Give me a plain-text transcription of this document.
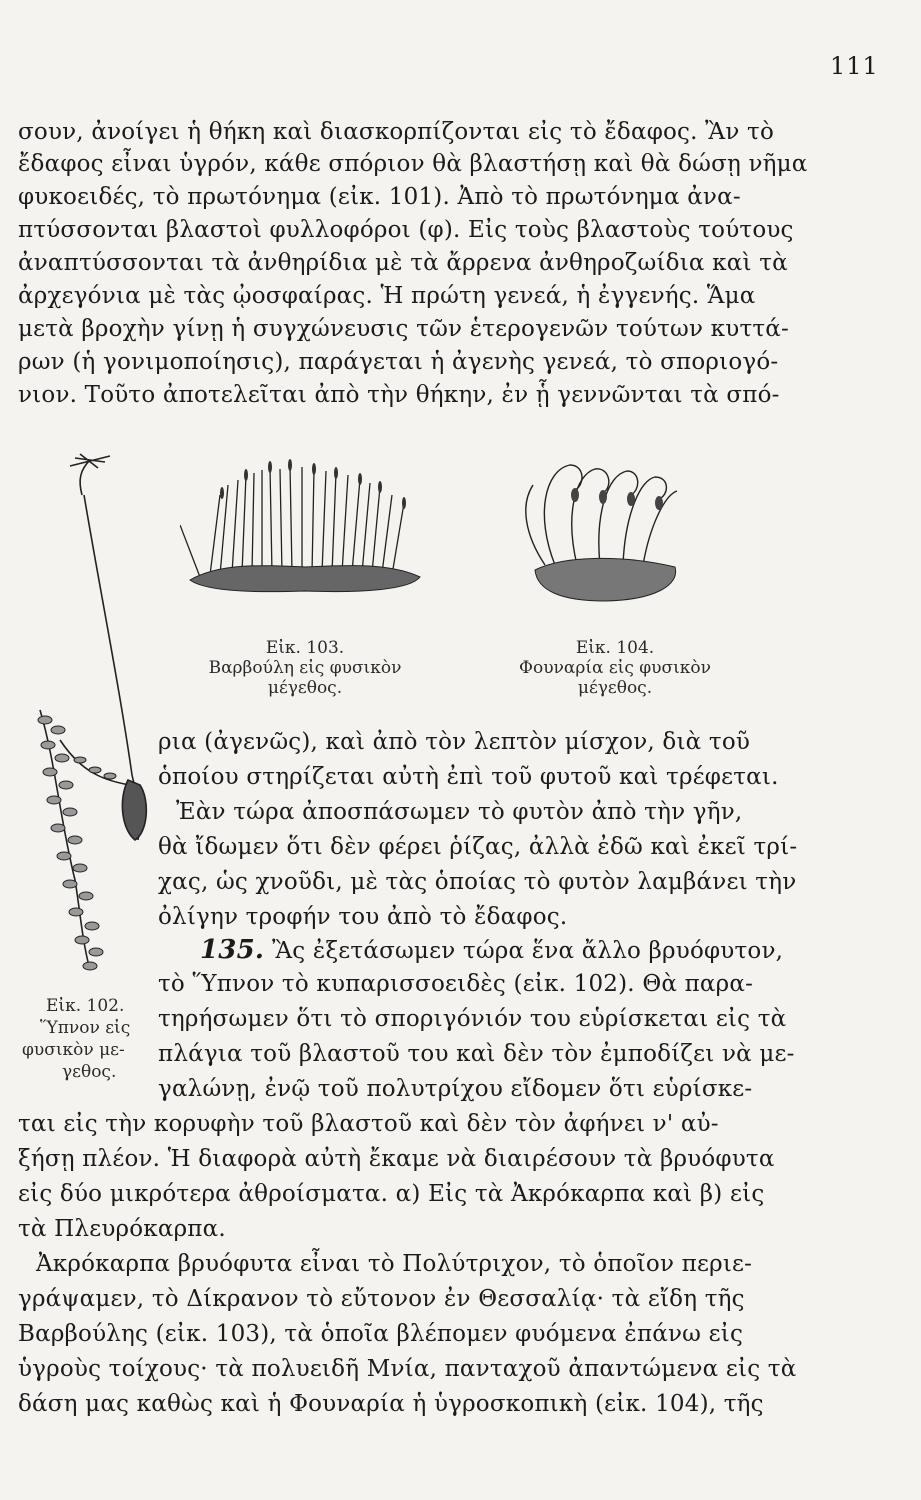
111
σουν, ἀνοίγει ἡ θήκη καὶ διασκορπίζονται εἰς τὸ ἔδαφος. Ἂν τὸ
ἔδαφος εἶναι ὑγρόν, κάθε σπόριον θὰ βλαστήσῃ καὶ θὰ δώσῃ νῆμα
φυκοειδές, τὸ πρωτόνημα (εἰκ. 101). Ἀπὸ τὸ πρωτόνημα ἀνα-
πτύσσονται βλαστοὶ φυλλοφόροι (φ). Εἰς τοὺς βλαστοὺς τούτους
ἀναπτύσσονται τὰ ἀνθηρίδια μὲ τὰ ἄρρενα ἀνθηροζωίδια καὶ τὰ
ἀρχεγόνια μὲ τὰς ᾠοσφαίρας. Ἡ πρώτη γενεά, ἡ ἐγγενής. Ἅμα
μετὰ βροχὴν γίνῃ ἡ συγχώνευσις τῶν ἑτερογενῶν τούτων κυττά-
ρων (ἡ γονιμοποίησις), παράγεται ἡ ἀγενὴς γενεά, τὸ σποριογό-
νιον. Τοῦτο ἀποτελεῖται ἀπὸ τὴν θήκην, ἐν ᾗ γεννῶνται τὰ σπό-
Εἰκ. 103.
Βαρβούλη εἰς φυσικὸν
μέγεθος.
Εἰκ. 104.
Φουναρία εἰς φυσικὸν
μέγεθος.
ρια (ἀγενῶς), καὶ ἀπὸ τὸν λεπτὸν μίσχον, διὰ τοῦ
ὁποίου στηρίζεται αὐτὴ ἐπὶ τοῦ φυτοῦ καὶ τρέφεται.
Ἐὰν τώρα ἀποσπάσωμεν τὸ φυτὸν ἀπὸ τὴν γῆν,
θὰ ἴδωμεν ὅτι δὲν φέρει ῥίζας, ἀλλὰ ἐδῶ καὶ ἐκεῖ τρί-
χας, ὡς χνοῦδι, μὲ τὰς ὁποίας τὸ φυτὸν λαμβάνει τὴν
ὀλίγην τροφήν του ἀπὸ τὸ ἔδαφος.
135. Ἂς ἐξετάσωμεν τώρα ἕνα ἄλλο βρυόφυτον,
τὸ Ὕπνον τὸ κυπαρισσοειδὲς (εἰκ. 102). Θὰ παρα-
τηρήσωμεν ὅτι τὸ σποριγόνιόν του εὑρίσκεται εἰς τὰ
πλάγια τοῦ βλαστοῦ του καὶ δὲν τὸν ἐμποδίζει νὰ με-
γαλώνῃ, ἐνῷ τοῦ πολυτρίχου εἴδομεν ὅτι εὑρίσκε-
Εἰκ. 102.
Ὕπνον εἰς
φυσικὸν με-
γεθος.
ται εἰς τὴν κορυφὴν τοῦ βλαστοῦ καὶ δὲν τὸν ἀφήνει ν' αὐ-
ξήσῃ πλέον. Ἡ διαφορὰ αὐτὴ ἔκαμε νὰ διαιρέσουν τὰ βρυόφυτα
εἰς δύο μικρότερα ἀθροίσματα. α) Εἰς τὰ Ἀκρόκαρπα καὶ β) εἰς
τὰ Πλευρόκαρπα.
Ἀκρόκαρπα βρυόφυτα εἶναι τὸ Πολύτριχον, τὸ ὁποῖον περιε-
γράψαμεν, τὸ Δίκρανον τὸ εὔτονον ἐν Θεσσαλίᾳ· τὰ εἴδη τῆς
Βαρβούλης (εἰκ. 103), τὰ ὁποῖα βλέπομεν φυόμενα ἐπάνω εἰς
ὑγροὺς τοίχους· τὰ πολυειδῆ Μνία, πανταχοῦ ἀπαντώμενα εἰς τὰ
δάση μας καθὼς καὶ ἡ Φουναρία ἡ ὑγροσκοπικὴ (εἰκ. 104), τῆς
